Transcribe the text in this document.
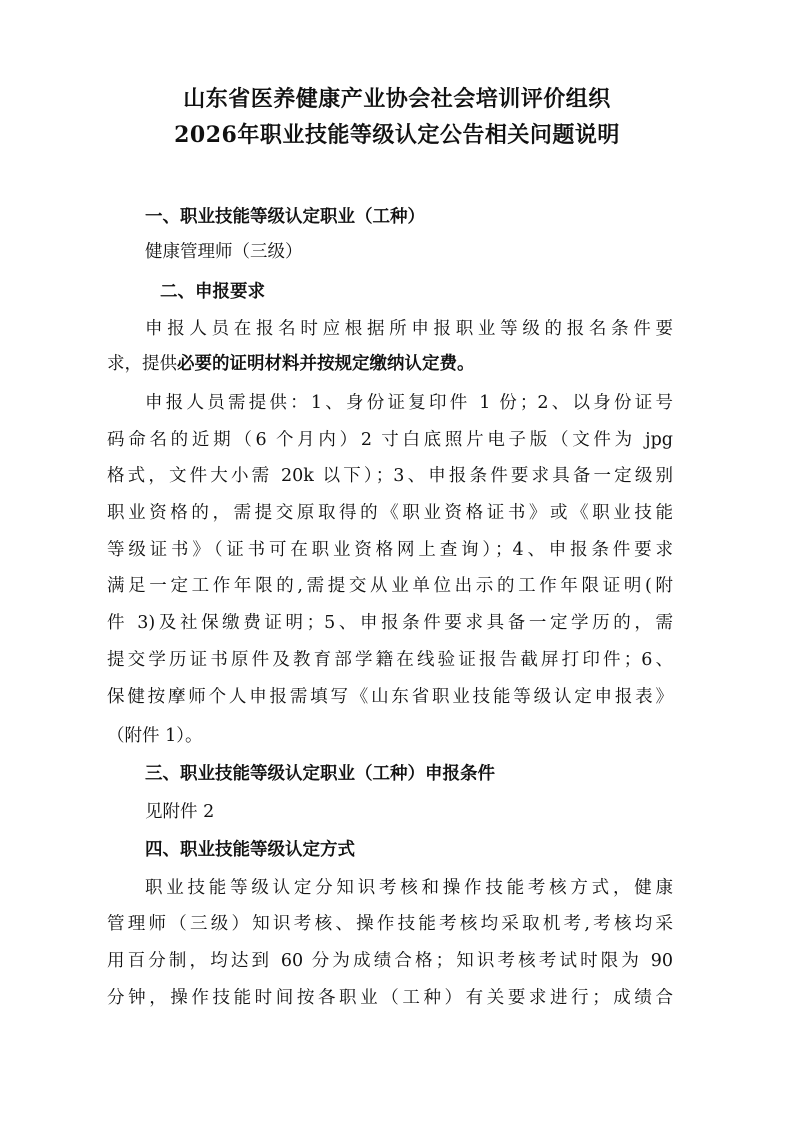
山东省医养健康产业协会社会培训评价组织
2026年职业技能等级认定公告相关问题说明
一、职业技能等级认定职业（工种）
健康管理师（三级）
二、申报要求
申报人员在报名时应根据所申报职业等级的报名条件要
求，提供必要的证明材料并按规定缴纳认定费。
申报人员需提供：1、身份证复印件 1 份；2、以身份证号
码命名的近期（6 个月内）2 寸白底照片电子版（文件为 jpg
格式，文件大小需 20k 以下）；3、申报条件要求具备一定级别
职业资格的，需提交原取得的《职业资格证书》或《职业技能
等级证书》（证书可在职业资格网上查询）；4、申报条件要求
满足一定工作年限的,需提交从业单位出示的工作年限证明(附
件 3)及社保缴费证明；5、申报条件要求具备一定学历的，需
提交学历证书原件及教育部学籍在线验证报告截屏打印件；6、
保健按摩师个人申报需填写《山东省职业技能等级认定申报表》
（附件 1）。
三、职业技能等级认定职业（工种）申报条件
见附件 2
四、职业技能等级认定方式
职业技能等级认定分知识考核和操作技能考核方式，健康
管理师（三级）知识考核、操作技能考核均采取机考,考核均采
用百分制，均达到 60 分为成绩合格；知识考核考试时限为 90
分钟，操作技能时间按各职业（工种）有关要求进行；成绩合
